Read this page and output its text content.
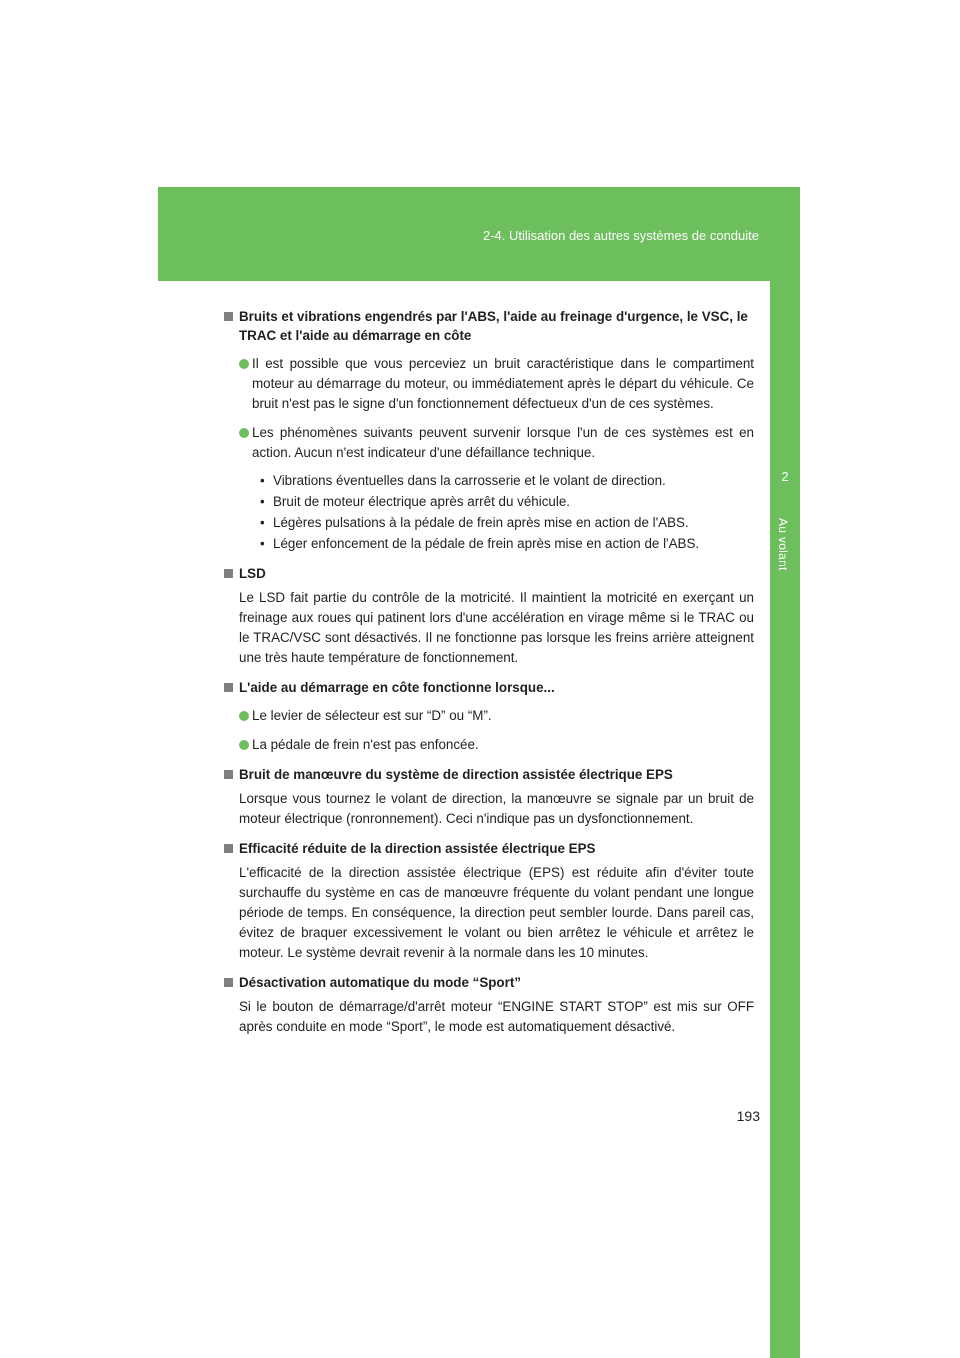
2-4. Utilisation des autres systèmes de conduite
2
Au volant
Bruits et vibrations engendrés par l'ABS, l'aide au freinage d'urgence, le VSC, le TRAC et l'aide au démarrage en côte
Il est possible que vous perceviez un bruit caractéristique dans le compartiment moteur au démarrage du moteur, ou immédiatement après le départ du véhicule. Ce bruit n'est pas le signe d'un fonctionnement défectueux d'un de ces systèmes.
Les phénomènes suivants peuvent survenir lorsque l'un de ces systèmes est en action. Aucun n'est indicateur d'une défaillance technique.
• Vibrations éventuelles dans la carrosserie et le volant de direction.
• Bruit de moteur électrique après arrêt du véhicule.
• Légères pulsations à la pédale de frein après mise en action de l'ABS.
• Léger enfoncement de la pédale de frein après mise en action de l'ABS.
LSD
Le LSD fait partie du contrôle de la motricité. Il maintient la motricité en exerçant un freinage aux roues qui patinent lors d'une accélération en virage même si le TRAC ou le TRAC/VSC sont désactivés. Il ne fonctionne pas lorsque les freins arrière atteignent une très haute température de fonctionnement.
L'aide au démarrage en côte fonctionne lorsque...
Le levier de sélecteur est sur “D” ou “M”.
La pédale de frein n'est pas enfoncée.
Bruit de manœuvre du système de direction assistée électrique EPS
Lorsque vous tournez le volant de direction, la manœuvre se signale par un bruit de moteur électrique (ronronnement). Ceci n'indique pas un dysfonctionnement.
Efficacité réduite de la direction assistée électrique EPS
L'efficacité de la direction assistée électrique (EPS) est réduite afin d'éviter toute surchauffe du système en cas de manœuvre fréquente du volant pendant une longue période de temps. En conséquence, la direction peut sembler lourde. Dans pareil cas, évitez de braquer excessivement le volant ou bien arrêtez le véhicule et arrêtez le moteur. Le système devrait revenir à la normale dans les 10 minutes.
Désactivation automatique du mode “Sport”
Si le bouton de démarrage/d'arrêt moteur “ENGINE START STOP” est mis sur OFF après conduite en mode “Sport”, le mode est automatiquement désactivé.
193
